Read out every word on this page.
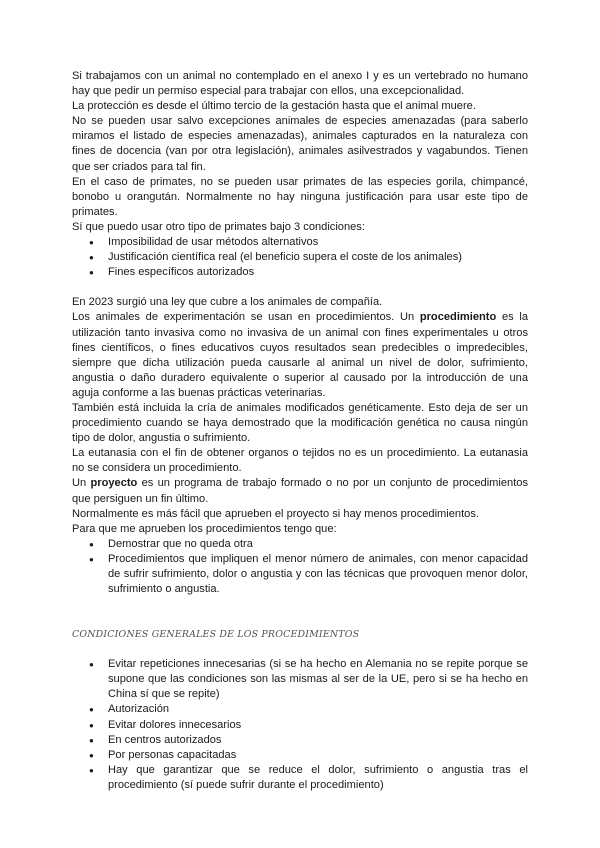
Si trabajamos con un animal no contemplado en el anexo I y es un vertebrado no humano hay que pedir un permiso especial para trabajar con ellos, una excepcionalidad.

La protección es desde el último tercio de la gestación hasta que el animal muere.

No se pueden usar salvo excepciones animales de especies amenazadas (para saberlo miramos el listado de especies amenazadas), animales capturados en la naturaleza con fines de docencia (van por otra legislación), animales asilvestrados y vagabundos. Tienen que ser criados para tal fin.

En el caso de primates, no se pueden usar primates de las especies gorila, chimpancé, bonobo u orangután. Normalmente no hay ninguna justificación para usar este tipo de primates.

Sí que puedo usar otro tipo de primates bajo 3 condiciones:

● Imposibilidad de usar métodos alternativos
● Justificación científica real (el beneficio supera el coste de los animales)
● Fines específicos autorizados

En 2023 surgió una ley que cubre a los animales de compañía.

Los animales de experimentación se usan en procedimientos. Un procedimiento es la utilización tanto invasiva como no invasiva de un animal con fines experimentales u otros fines científicos, o fines educativos cuyos resultados sean predecibles o impredecibles, siempre que dicha utilización pueda causarle al animal un nivel de dolor, sufrimiento, angustia o daño duradero equivalente o superior al causado por la introducción de una aguja conforme a las buenas prácticas veterinarias.

También está incluida la cría de animales modificados genéticamente. Esto deja de ser un procedimiento cuando se haya demostrado que la modificación genética no causa ningún tipo de dolor, angustia o sufrimiento.

La eutanasia con el fin de obtener organos o tejidos no es un procedimiento. La eutanasia no se considera un procedimiento.

Un proyecto es un programa de trabajo formado o no por un conjunto de procedimientos que persiguen un fin último.

Normalmente es más fácil que aprueben el proyecto si hay menos procedimientos.

Para que me aprueben los procedimientos tengo que:

● Demostrar que no queda otra
● Procedimientos que impliquen el menor número de animales, con menor capacidad de sufrir sufrimiento, dolor o angustia y con las técnicas que provoquen menor dolor, sufrimiento o angustia.

CONDICIONES GENERALES DE LOS PROCEDIMIENTOS

● Evitar repeticiones innecesarias (si se ha hecho en Alemania no se repite porque se supone que las condiciones son las mismas al ser de la UE, pero si se ha hecho en China sí que se repite)
● Autorización
● Evitar dolores innecesarios
● En centros autorizados
● Por personas capacitadas
● Hay que garantizar que se reduce el dolor, sufrimiento o angustia tras el procedimiento (sí puede sufrir durante el procedimiento)
